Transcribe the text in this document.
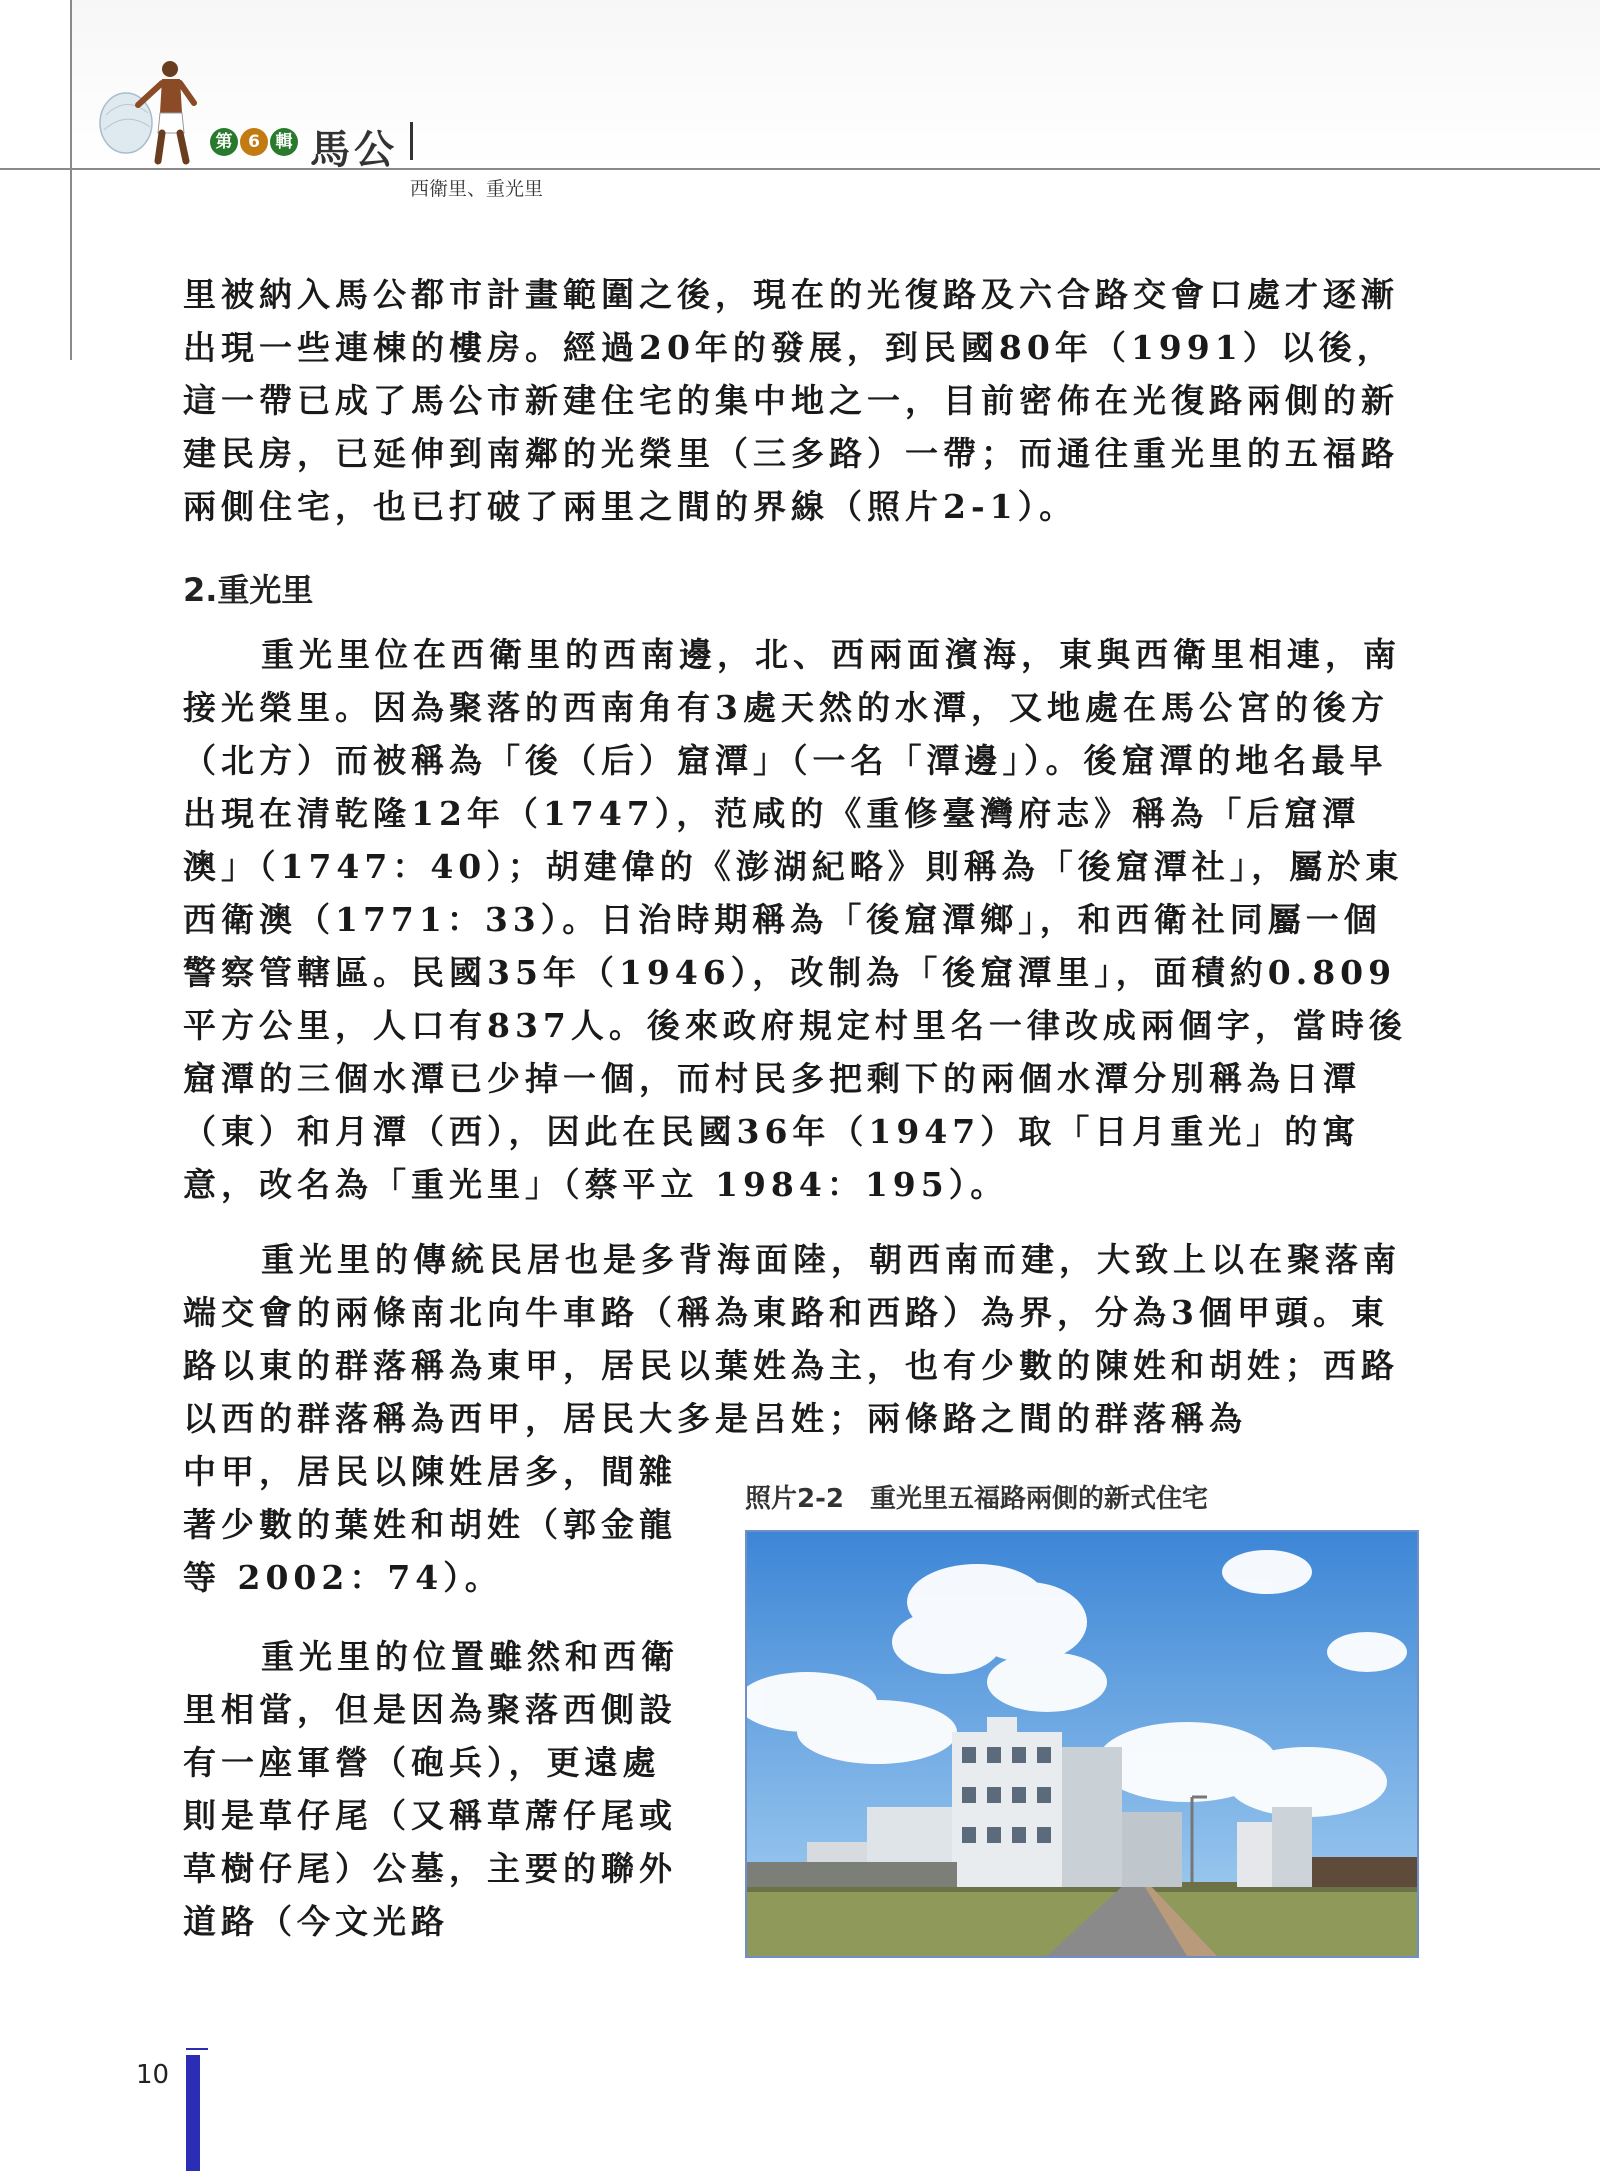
第 6 輯 馬公
西衛里、重光里

里被納入馬公都市計畫範圍之後，現在的光復路及六合路交會口處才逐漸出現一些連棟的樓房。經過20年的發展，到民國80年（1991）以後，這一帶已成了馬公市新建住宅的集中地之一，目前密佈在光復路兩側的新建民房，已延伸到南鄰的光榮里（三多路）一帶；而通往重光里的五福路兩側住宅，也已打破了兩里之間的界線（照片2-1）。

2.重光里

重光里位在西衛里的西南邊，北、西兩面濱海，東與西衛里相連，南接光榮里。因為聚落的西南角有3處天然的水潭，又地處在馬公宮的後方（北方）而被稱為「後（后）窟潭」（一名「潭邊」）。後窟潭的地名最早出現在清乾隆12年（1747），范咸的《重修臺灣府志》稱為「后窟潭澳」（1747：40）；胡建偉的《澎湖紀略》則稱為「後窟潭社」，屬於東西衛澳（1771：33）。日治時期稱為「後窟潭鄉」，和西衛社同屬一個警察管轄區。民國35年（1946），改制為「後窟潭里」，面積約0.809平方公里，人口有837人。後來政府規定村里名一律改成兩個字，當時後窟潭的三個水潭已少掉一個，而村民多把剩下的兩個水潭分別稱為日潭（東）和月潭（西），因此在民國36年（1947）取「日月重光」的寓意，改名為「重光里」（蔡平立 1984：195）。

重光里的傳統民居也是多背海面陸，朝西南而建，大致上以在聚落南端交會的兩條南北向牛車路（稱為東路和西路）為界，分為3個甲頭。東路以東的群落稱為東甲，居民以葉姓為主，也有少數的陳姓和胡姓；西路以西的群落稱為西甲，居民大多是呂姓；兩條路之間的群落稱為

中甲，居民以陳姓居多，間雜著少數的葉姓和胡姓（郭金龍等 2002：74）。

重光里的位置雖然和西衛里相當，但是因為聚落西側設有一座軍營（砲兵），更遠處則是草仔尾（又稱草蓆仔尾或草樹仔尾）公墓，主要的聯外道路（今文光路

照片2-2　重光里五福路兩側的新式住宅
10
